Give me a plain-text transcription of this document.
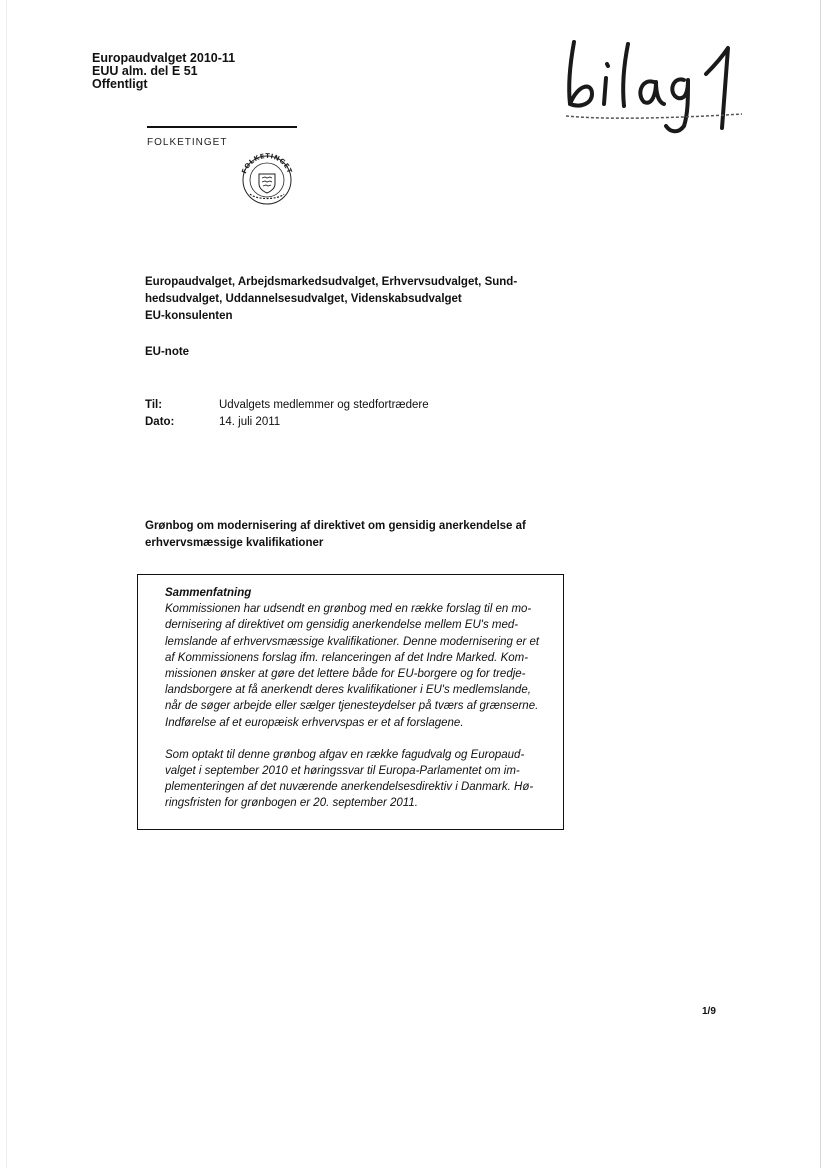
Europaudvalget 2010-11
EUU alm. del E 51
Offentligt
FOLKETINGET
FOLKETINGET
Europaudvalget, Arbejdsmarkedsudvalget, Erhvervsudvalget, Sund-
hedsudvalget, Uddannelsesudvalget, Videnskabsudvalget
EU-konsulenten
EU-note
Til:	Udvalgets medlemmer og stedfortrædere
Dato:	14. juli 2011
Grønbog om modernisering af direktivet om gensidig anerkendelse af
erhvervsmæssige kvalifikationer
Sammenfatning
Kommissionen har udsendt en grønbog med en række forslag til en mo-
dernisering af direktivet om gensidig anerkendelse mellem EU's med-
lemslande af erhvervsmæssige kvalifikationer. Denne modernisering er et
af Kommissionens forslag ifm. relanceringen af det Indre Marked. Kom-
missionen ønsker at gøre det lettere både for EU-borgere og for tredje-
landsborgere at få anerkendt deres kvalifikationer i EU's medlemslande,
når de søger arbejde eller sælger tjenesteydelser på tværs af grænserne.
Indførelse af et europæisk erhvervspas er et af forslagene.
Som optakt til denne grønbog afgav en række fagudvalg og Europaud-
valget i september 2010 et høringssvar til Europa-Parlamentet om im-
plementeringen af det nuværende anerkendelsesdirektiv i Danmark. Hø-
ringsfristen for grønbogen er 20. september 2011.
1/9
